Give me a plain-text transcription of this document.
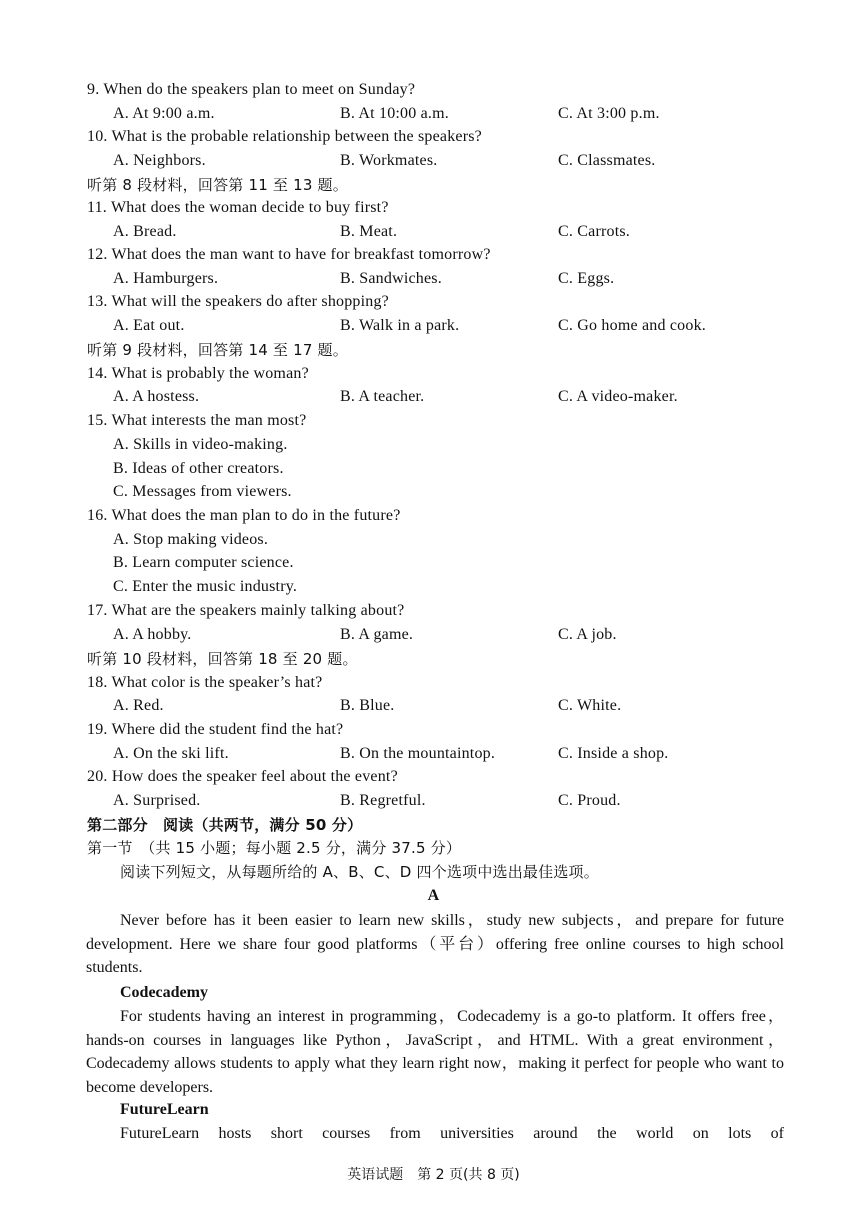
9. When do the speakers plan to meet on Sunday?
A. At 9:00 a.m.	B. At 10:00 a.m.	C. At 3:00 p.m.
10. What is the probable relationship between the speakers?
A. Neighbors.	B. Workmates.	C. Classmates.
听第 8 段材料，回答第 11 至 13 题。
11. What does the woman decide to buy first?
A. Bread.	B. Meat.	C. Carrots.
12. What does the man want to have for breakfast tomorrow?
A. Hamburgers.	B. Sandwiches.	C. Eggs.
13. What will the speakers do after shopping?
A. Eat out.	B. Walk in a park.	C. Go home and cook.
听第 9 段材料，回答第 14 至 17 题。
14. What is probably the woman?
A. A hostess.	B. A teacher.	C. A video-maker.
15. What interests the man most?
A. Skills in video-making.
B. Ideas of other creators.
C. Messages from viewers.
16. What does the man plan to do in the future?
A. Stop making videos.
B. Learn computer science.
C. Enter the music industry.
17. What are the speakers mainly talking about?
A. A hobby.	B. A game.	C. A job.
听第 10 段材料，回答第 18 至 20 题。
18. What color is the speaker’s hat?
A. Red.	B. Blue.	C. White.
19. Where did the student find the hat?
A. On the ski lift.	B. On the mountaintop.	C. Inside a shop.
20. How does the speaker feel about the event?
A. Surprised.	B. Regretful.	C. Proud.
第二部分　阅读（共两节，满分 50 分）
第一节　（共 15 小题；每小题 2.5 分，满分 37.5 分）
阅读下列短文，从每题所给的 A、B、C、D 四个选项中选出最佳选项。
A

Never before has it been easier to learn new skills，study new subjects，and prepare for future development. Here we share four good platforms（平台）offering free online courses to high school students.

Codecademy

For students having an interest in programming，Codecademy is a go-to platform. It offers free，hands-on courses in languages like Python，JavaScript，and HTML. With a great environment，Codecademy allows students to apply what they learn right now，making it perfect for people who want to become developers.

FutureLearn

FutureLearn hosts short courses from universities around the world on lots of

英语试题　第 2 页(共 8 页)
